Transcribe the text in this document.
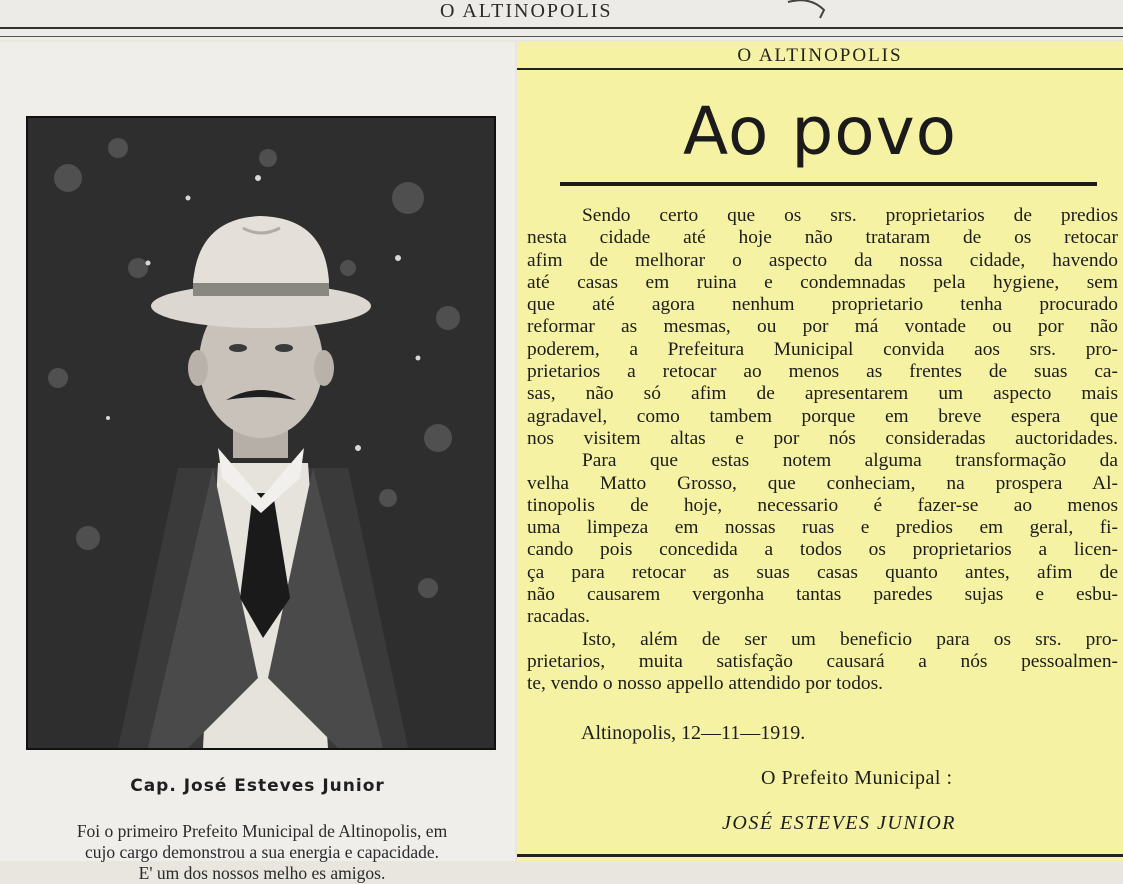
O ALTINOPOLIS
Cap. José Esteves Junior
Foi o primeiro Prefeito Municipal de Altinopolis, em
cujo cargo demonstrou a sua energia e capacidade.
E' um dos nossos melho es amigos.
O ALTINOPOLIS
Ao povo
Sendo certo que os srs. proprietarios de predios
nesta cidade até hoje não trataram de os retocar
afim de melhorar o aspecto da nossa cidade, havendo
até casas em ruina e condemnadas pela hygiene, sem
que até agora nenhum proprietario tenha procurado
reformar as mesmas, ou por má vontade ou por não
poderem, a Prefeitura Municipal convida aos srs. pro-
prietarios a retocar ao menos as frentes de suas ca-
sas, não só afim de apresentarem um aspecto mais
agradavel, como tambem porque em breve espera que
nos visitem altas e por nós consideradas auctoridades.
Para que estas notem alguma transformação da
velha Matto Grosso, que conheciam, na prospera Al-
tinopolis de hoje, necessario é fazer-se ao menos
uma limpeza em nossas ruas e predios em geral, fi-
cando pois concedida a todos os proprietarios a licen-
ça para retocar as suas casas quanto antes, afim de
não causarem vergonha tantas paredes sujas e esbu-
racadas.
Isto, além de ser um beneficio para os srs. pro-
prietarios, muita satisfação causará a nós pessoalmen-
te, vendo o nosso appello attendido por todos.
Altinopolis, 12—11—1919.
O Prefeito Municipal :
JOSÉ ESTEVES JUNIOR
